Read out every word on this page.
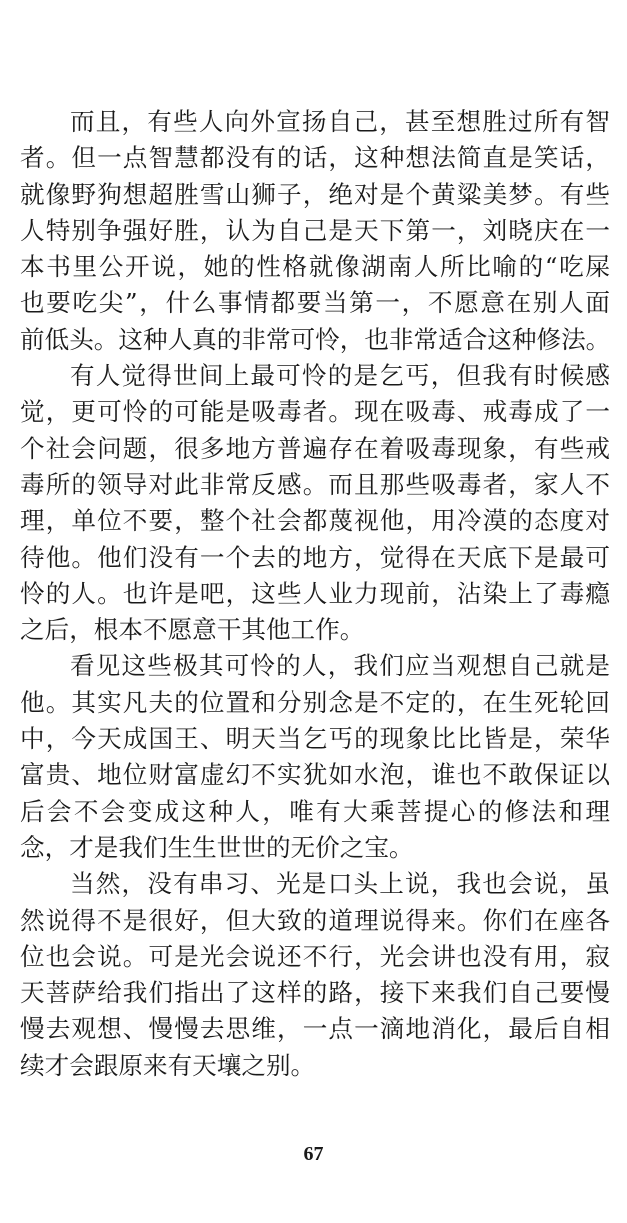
而且，有些人向外宣扬自己，甚至想胜过所有智
者。但一点智慧都没有的话，这种想法简直是笑话，
就像野狗想超胜雪山狮子，绝对是个黄粱美梦。有些
人特别争强好胜，认为自己是天下第一，刘晓庆在一
本书里公开说，她的性格就像湖南人所比喻的“吃屎
也要吃尖”，什么事情都要当第一，不愿意在别人面
前低头。这种人真的非常可怜，也非常适合这种修法。
有人觉得世间上最可怜的是乞丐，但我有时候感
觉，更可怜的可能是吸毒者。现在吸毒、戒毒成了一
个社会问题，很多地方普遍存在着吸毒现象，有些戒
毒所的领导对此非常反感。而且那些吸毒者，家人不
理，单位不要，整个社会都蔑视他，用冷漠的态度对
待他。他们没有一个去的地方，觉得在天底下是最可
怜的人。也许是吧，这些人业力现前，沾染上了毒瘾
之后，根本不愿意干其他工作。
看见这些极其可怜的人，我们应当观想自己就是
他。其实凡夫的位置和分别念是不定的，在生死轮回
中，今天成国王、明天当乞丐的现象比比皆是，荣华
富贵、地位财富虚幻不实犹如水泡，谁也不敢保证以
后会不会变成这种人，唯有大乘菩提心的修法和理
念，才是我们生生世世的无价之宝。
当然，没有串习、光是口头上说，我也会说，虽
然说得不是很好，但大致的道理说得来。你们在座各
位也会说。可是光会说还不行，光会讲也没有用，寂
天菩萨给我们指出了这样的路，接下来我们自己要慢
慢去观想、慢慢去思维，一点一滴地消化，最后自相
续才会跟原来有天壤之别。
67
